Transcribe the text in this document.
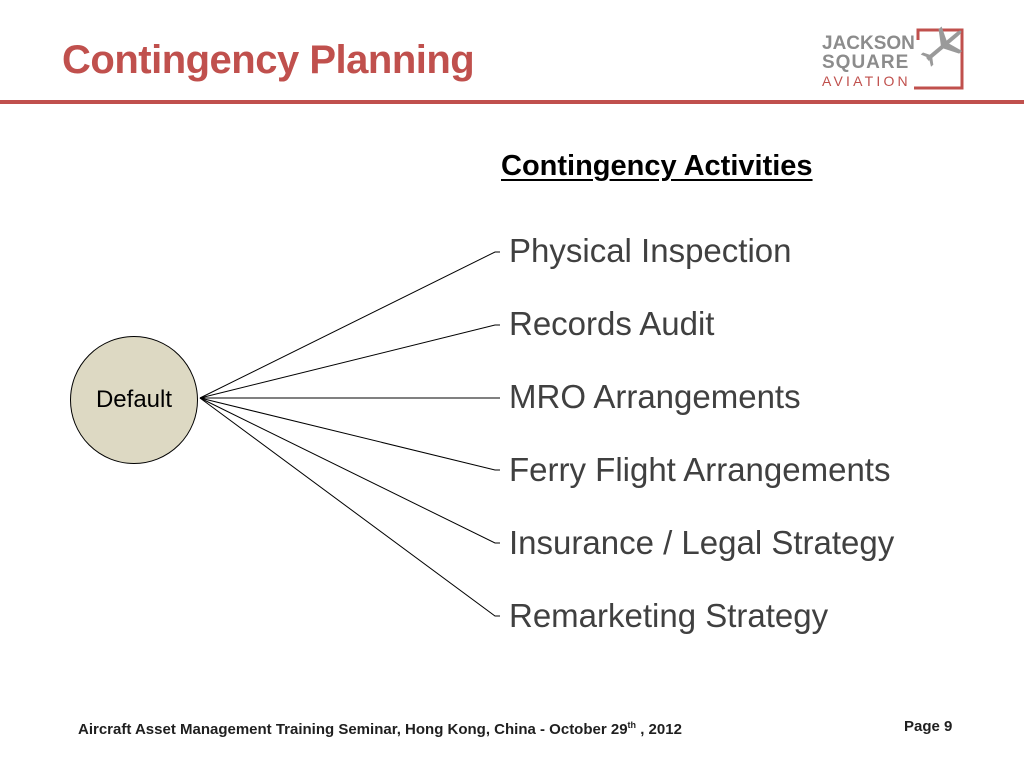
Contingency Planning	JACKSON
SQUARE
AVIATION
Contingency Activities
Default
Physical Inspection
Records Audit
MRO Arrangements
Ferry Flight Arrangements
Insurance / Legal Strategy
Remarketing Strategy
Aircraft Asset Management Training Seminar, Hong Kong, China - October 29th , 2012	Page 9
